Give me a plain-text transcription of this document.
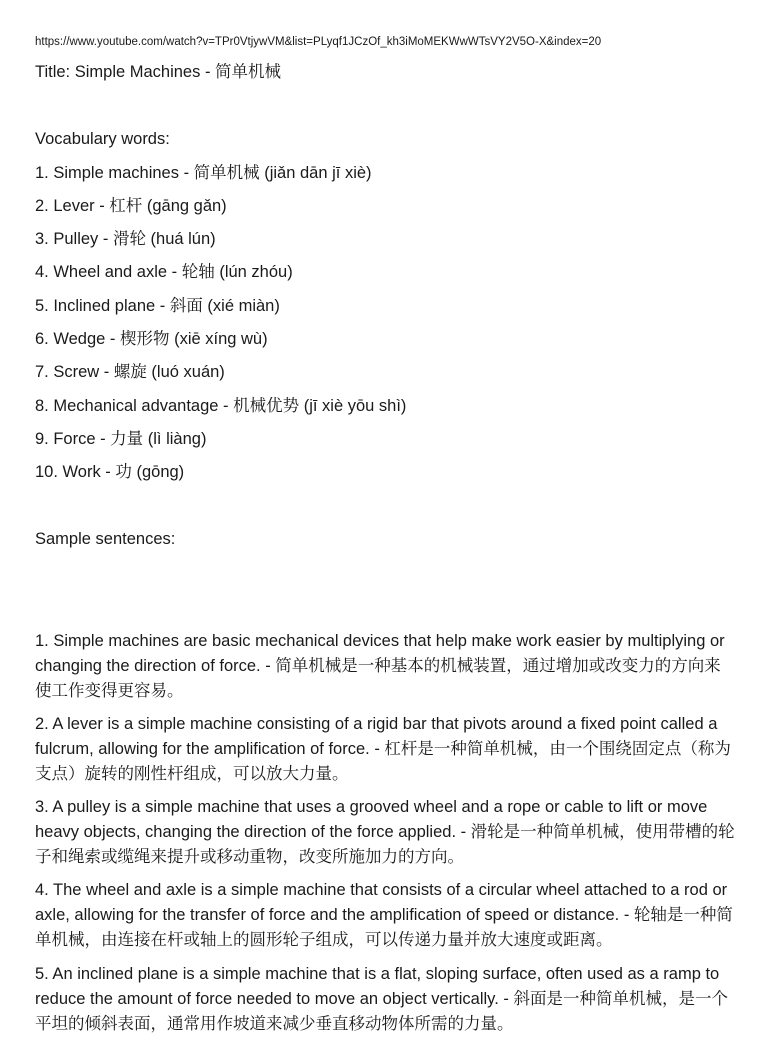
https://www.youtube.com/watch?v=TPr0VtjywVM&list=PLyqf1JCzOf_kh3iMoMEKWwWTsVY2V5O-X&index=20
Title: Simple Machines - 简单机械
Vocabulary words:
1. Simple machines - 简单机械 (jiǎn dān jī xiè)
2. Lever - 杠杆 (gāng gǎn)
3. Pulley - 滑轮 (huá lún)
4. Wheel and axle - 轮轴 (lún zhóu)
5. Inclined plane - 斜面 (xié miàn)
6. Wedge - 楔形物 (xiē xíng wù)
7. Screw - 螺旋 (luó xuán)
8. Mechanical advantage - 机械优势 (jī xiè yōu shì)
9. Force - 力量 (lì liàng)
10. Work - 功 (gōng)
Sample sentences:
1. Simple machines are basic mechanical devices that help make work easier by multiplying or changing the direction of force. - 简单机械是一种基本的机械装置，通过增加或改变力的方向来使工作变得更容易。
2. A lever is a simple machine consisting of a rigid bar that pivots around a fixed point called a fulcrum, allowing for the amplification of force. - 杠杆是一种简单机械，由一个围绕固定点（称为支点）旋转的刚性杆组成，可以放大力量。
3. A pulley is a simple machine that uses a grooved wheel and a rope or cable to lift or move heavy objects, changing the direction of the force applied. - 滑轮是一种简单机械，使用带槽的轮子和绳索或缆绳来提升或移动重物，改变所施加力的方向。
4. The wheel and axle is a simple machine that consists of a circular wheel attached to a rod or axle, allowing for the transfer of force and the amplification of speed or distance. - 轮轴是一种简单机械，由连接在杆或轴上的圆形轮子组成，可以传递力量并放大速度或距离。
5. An inclined plane is a simple machine that is a flat, sloping surface, often used as a ramp to reduce the amount of force needed to move an object vertically. - 斜面是一种简单机械，是一个平坦的倾斜表面，通常用作坡道来减少垂直移动物体所需的力量。
